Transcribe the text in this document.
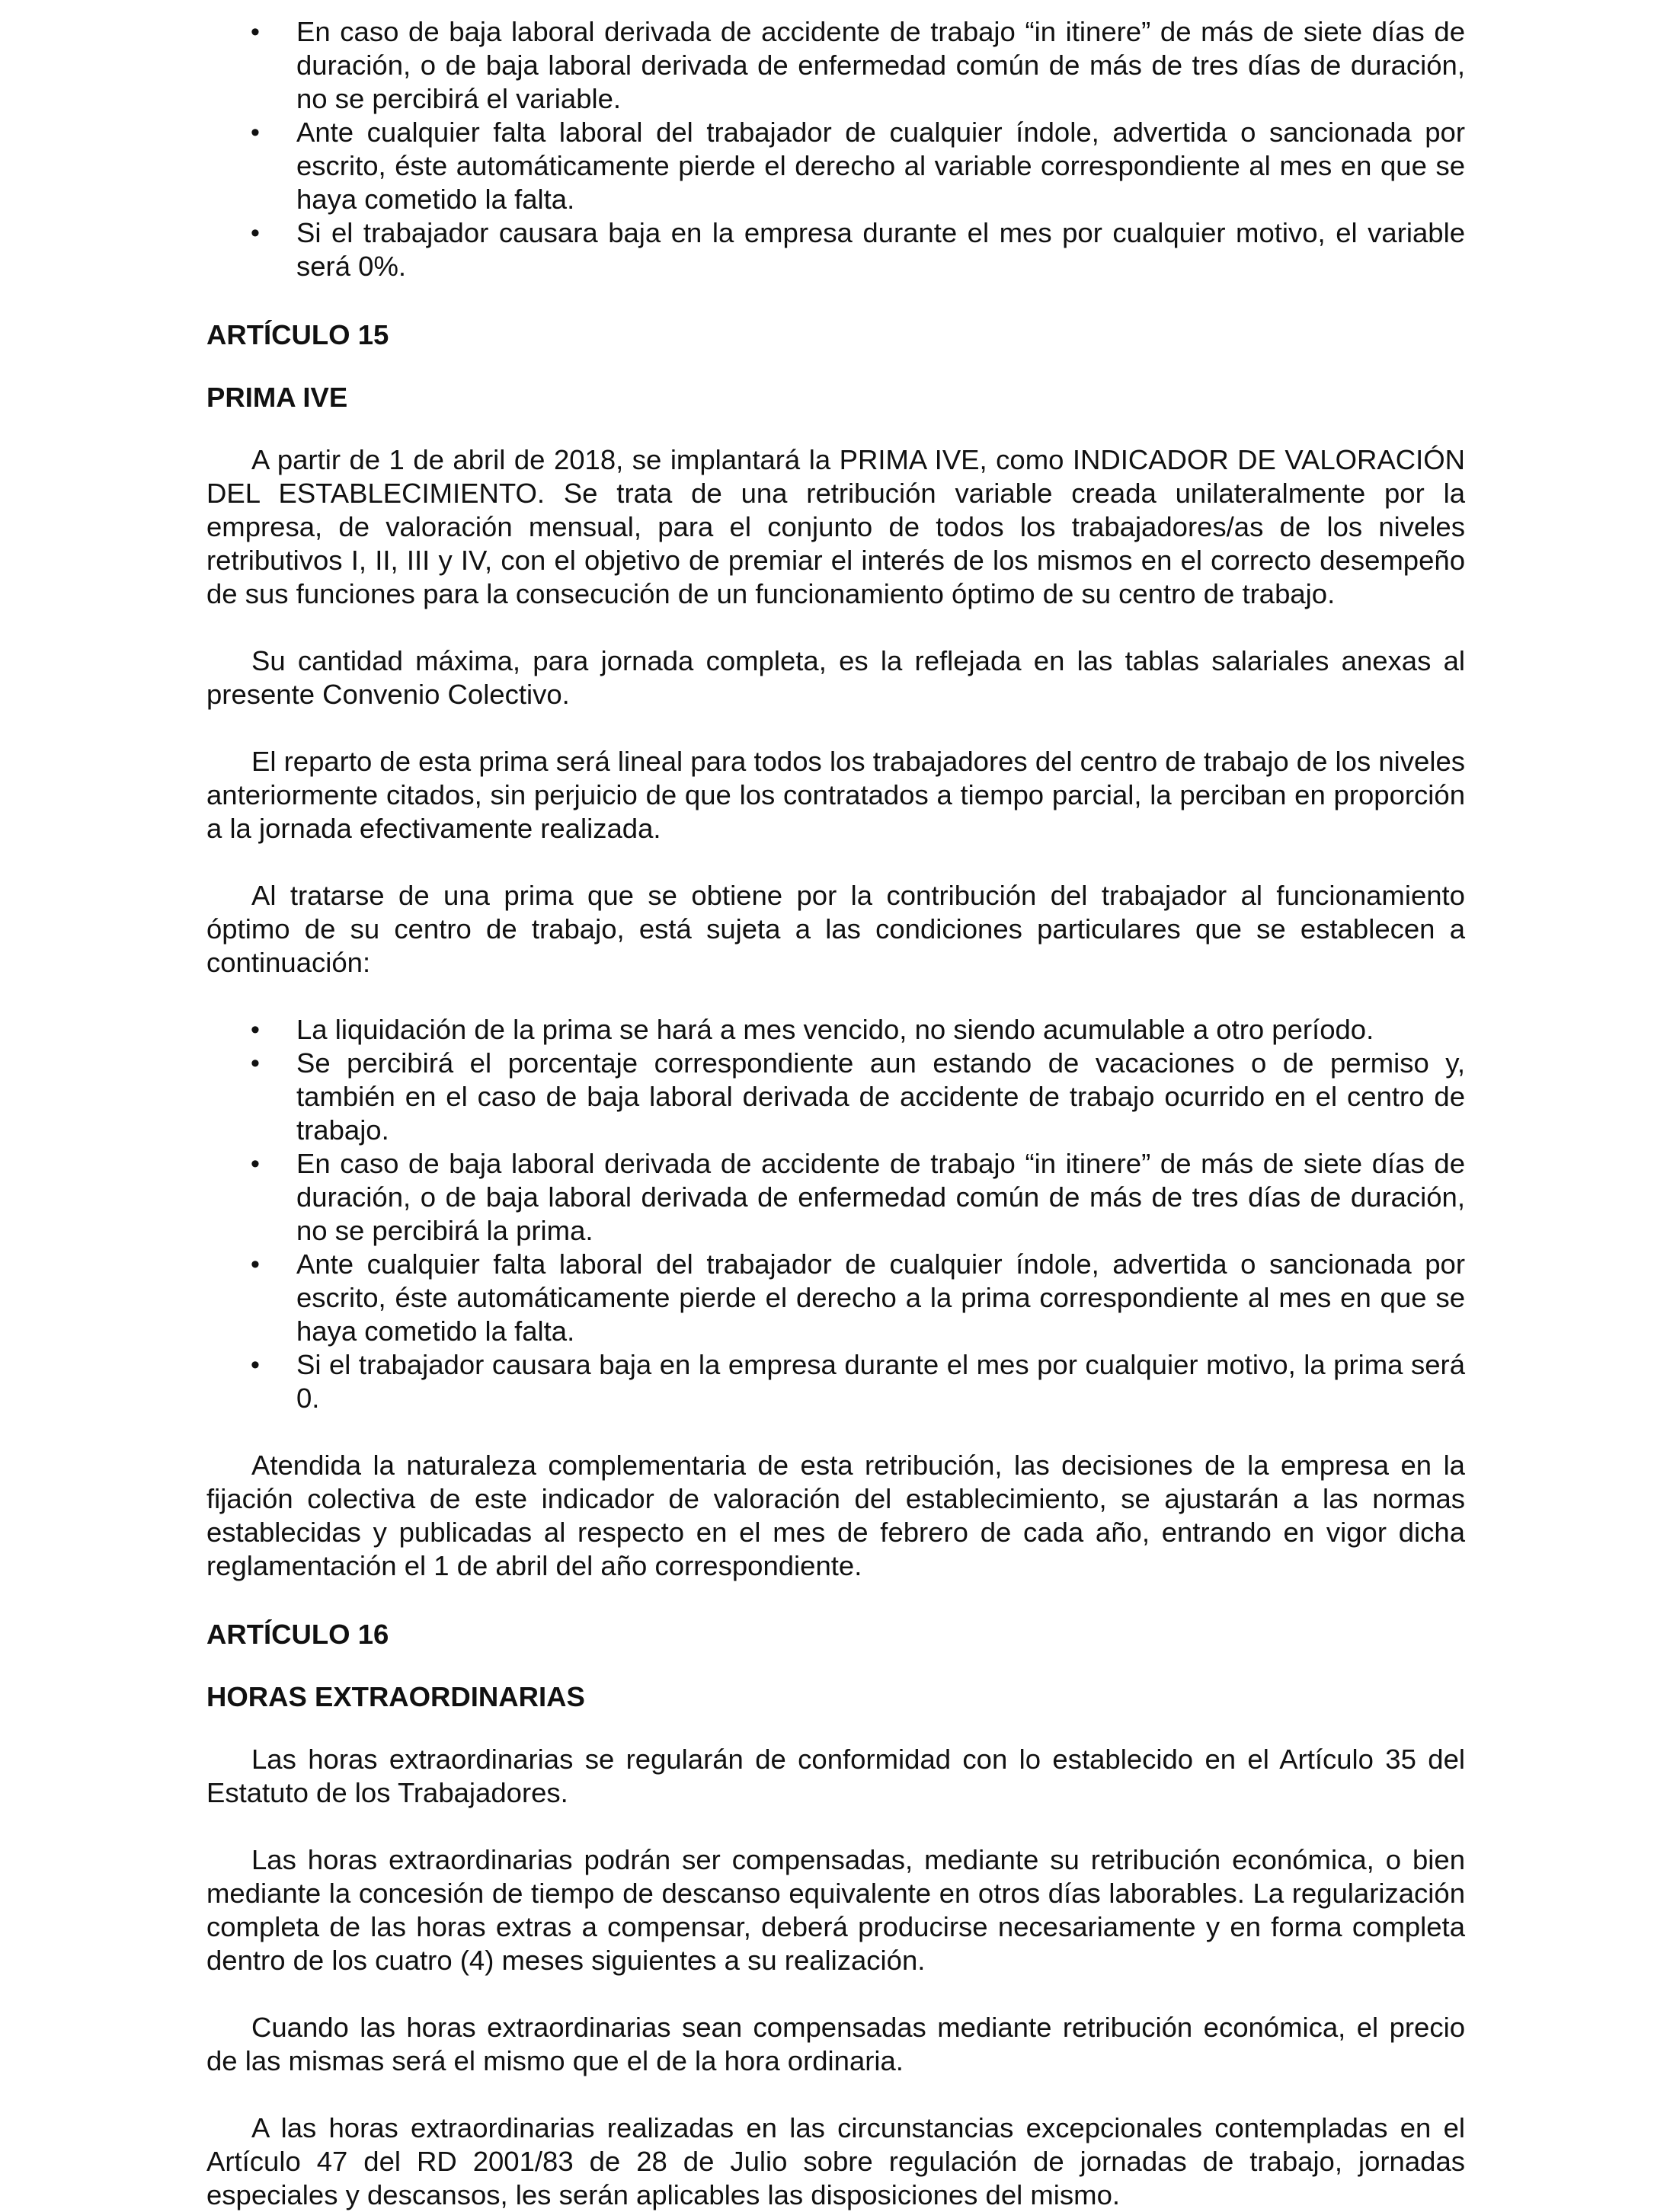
• En caso de baja laboral derivada de accidente de trabajo “in itinere” de más de siete días de duración, o de baja laboral derivada de enfermedad común de más de tres días de duración, no se percibirá el variable.
• Ante cualquier falta laboral del trabajador de cualquier índole, advertida o sancionada por escrito, éste automáticamente pierde el derecho al variable correspondiente al mes en que se haya cometido la falta.
• Si el trabajador causara baja en la empresa durante el mes por cualquier motivo, el variable será 0%.

ARTÍCULO 15

PRIMA IVE

A partir de 1 de abril de 2018, se implantará la PRIMA IVE, como INDICADOR DE VALORACIÓN DEL ESTABLECIMIENTO. Se trata de una retribución variable creada unilateralmente por la empresa, de valoración mensual, para el conjunto de todos los trabajadores/as de los niveles retributivos I, II, III y IV, con el objetivo de premiar el interés de los mismos en el correcto desempeño de sus funciones para la consecución de un funcionamiento óptimo de su centro de trabajo.

Su cantidad máxima, para jornada completa, es la reflejada en las tablas salariales anexas al presente Convenio Colectivo.

El reparto de esta prima será lineal para todos los trabajadores del centro de trabajo de los niveles anteriormente citados, sin perjuicio de que los contratados a tiempo parcial, la perciban en proporción a la jornada efectivamente realizada.

Al tratarse de una prima que se obtiene por la contribución del trabajador al funcionamiento óptimo de su centro de trabajo, está sujeta a las condiciones particulares que se establecen a continuación:

• La liquidación de la prima se hará a mes vencido, no siendo acumulable a otro período.
• Se percibirá el porcentaje correspondiente aun estando de vacaciones o de permiso y, también en el caso de baja laboral derivada de accidente de trabajo ocurrido en el centro de trabajo.
• En caso de baja laboral derivada de accidente de trabajo “in itinere” de más de siete días de duración, o de baja laboral derivada de enfermedad común de más de tres días de duración, no se percibirá la prima.
• Ante cualquier falta laboral del trabajador de cualquier índole, advertida o sancionada por escrito, éste automáticamente pierde el derecho a la prima correspondiente al mes en que se haya cometido la falta.
• Si el trabajador causara baja en la empresa durante el mes por cualquier motivo, la prima será 0.

Atendida la naturaleza complementaria de esta retribución, las decisiones de la empresa en la fijación colectiva de este indicador de valoración del establecimiento, se ajustarán a las normas establecidas y publicadas al respecto en el mes de febrero de cada año, entrando en vigor dicha reglamentación el 1 de abril del año correspondiente.

ARTÍCULO 16

HORAS EXTRAORDINARIAS

Las horas extraordinarias se regularán de conformidad con lo establecido en el Artículo 35 del Estatuto de los Trabajadores.

Las horas extraordinarias podrán ser compensadas, mediante su retribución económica, o bien mediante la concesión de tiempo de descanso equivalente en otros días laborables. La regularización completa de las horas extras a compensar, deberá producirse necesariamente y en forma completa dentro de los cuatro (4) meses siguientes a su realización.

Cuando las horas extraordinarias sean compensadas mediante retribución económica, el precio de las mismas será el mismo que el de la hora ordinaria.

A las horas extraordinarias realizadas en las circunstancias excepcionales contempladas en el Artículo 47 del RD 2001/83 de 28 de Julio sobre regulación de jornadas de trabajo, jornadas especiales y descansos, les serán aplicables las disposiciones del mismo.
